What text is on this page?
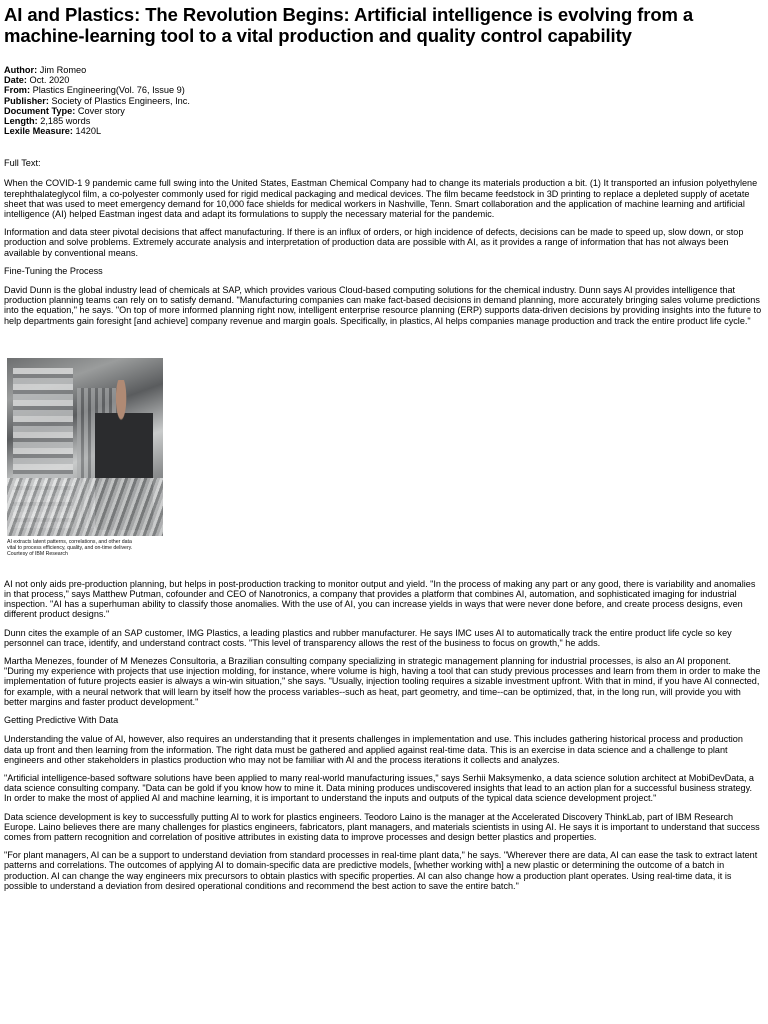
AI and Plastics: The Revolution Begins: Artificial intelligence is evolving from a machine-learning tool to a vital production and quality control capability
Author: Jim Romeo
Date: Oct. 2020
From: Plastics Engineering(Vol. 76, Issue 9)
Publisher: Society of Plastics Engineers, Inc.
Document Type: Cover story
Length: 2,185 words
Lexile Measure: 1420L
Full Text:

When the COVID-1 9 pandemic came full swing into the United States, Eastman Chemical Company had to change its materials production a bit. (1) It transported an infusion polyethylene terephthalateglycol film, a co-polyester commonly used for rigid medical packaging and medical devices. The film became feedstock in 3D printing to replace a depleted supply of acetate sheet that was used to meet emergency demand for 10,000 face shields for medical workers in Nashville, Tenn. Smart collaboration and the application of machine learning and artificial intelligence (AI) helped Eastman ingest data and adapt its formulations to supply the necessary material for the pandemic.

Information and data steer pivotal decisions that affect manufacturing. If there is an influx of orders, or high incidence of defects, decisions can be made to speed up, slow down, or stop production and solve problems. Extremely accurate analysis and interpretation of production data are possible with AI, as it provides a range of information that has not always been available by conventional means.

Fine-Tuning the Process

David Dunn is the global industry lead of chemicals at SAP, which provides various Cloud-based computing solutions for the chemical industry. Dunn says AI provides intelligence that production planning teams can rely on to satisfy demand. "Manufacturing companies can make fact-based decisions in demand planning, more accurately bringing sales volume predictions into the equation," he says. "On top of more informed planning right now, intelligent enterprise resource planning (ERP) supports data-driven decisions by providing insights into the future to help departments gain foresight [and achieve] company revenue and margin goals. Specifically, in plastics, AI helps companies manage production and track the entire product life cycle."

AI extracts latent patterns, correlations, and other data vital to process efficiency, quality, and on-time delivery. Courtesy of IBM Research

AI not only aids pre-production planning, but helps in post-production tracking to monitor output and yield. "In the process of making any part or any good, there is variability and anomalies in that process," says Matthew Putman, cofounder and CEO of Nanotronics, a company that provides a platform that combines AI, automation, and sophisticated imaging for industrial inspection. "AI has a superhuman ability to classify those anomalies. With the use of AI, you can increase yields in ways that were never done before, and create process designs, even different product designs."

Dunn cites the example of an SAP customer, IMG Plastics, a leading plastics and rubber manufacturer. He says IMC uses AI to automatically track the entire product life cycle so key personnel can trace, identify, and understand contract costs. "This level of transparency allows the rest of the business to focus on growth," he adds.

Martha Menezes, founder of M Menezes Consultoria, a Brazilian consulting company specializing in strategic management planning for industrial processes, is also an AI proponent. "During my experience with projects that use injection molding, for instance, where volume is high, having a tool that can study previous processes and learn from them in order to make the implementation of future projects easier is always a win-win situation," she says. "Usually, injection tooling requires a sizable investment upfront. With that in mind, if you have AI connected, for example, with a neural network that will learn by itself how the process variables--such as heat, part geometry, and time--can be optimized, that, in the long run, will provide you with better margins and faster product development."

Getting Predictive With Data

Understanding the value of AI, however, also requires an understanding that it presents challenges in implementation and use. This includes gathering historical process and production data up front and then learning from the information. The right data must be gathered and applied against real-time data. This is an exercise in data science and a challenge to plant engineers and other stakeholders in plastics production who may not be familiar with AI and the process iterations it collects and analyzes.

"Artificial intelligence-based software solutions have been applied to many real-world manufacturing issues," says Serhii Maksymenko, a data science solution architect at MobiDevData, a data science consulting company. "Data can be gold if you know how to mine it. Data mining produces undiscovered insights that lead to an action plan for a successful business strategy. In order to make the most of applied AI and machine learning, it is important to understand the inputs and outputs of the typical data science development project."

Data science development is key to successfully putting AI to work for plastics engineers. Teodoro Laino is the manager at the Accelerated Discovery ThinkLab, part of IBM Research Europe. Laino believes there are many challenges for plastics engineers, fabricators, plant managers, and materials scientists in using AI. He says it is important to understand that success comes from pattern recognition and correlation of positive attributes in existing data to improve processes and design better plastics and properties.

"For plant managers, AI can be a support to understand deviation from standard processes in real-time plant data," he says. "Wherever there are data, AI can ease the task to extract latent patterns and correlations. The outcomes of applying AI to domain-specific data are predictive models, [whether working with] a new plastic or determining the outcome of a batch in production. AI can change the way engineers mix precursors to obtain plastics with specific properties. AI can also change how a production plant operates. Using real-time data, it is possible to understand a deviation from desired operational conditions and recommend the best action to save the entire batch."
